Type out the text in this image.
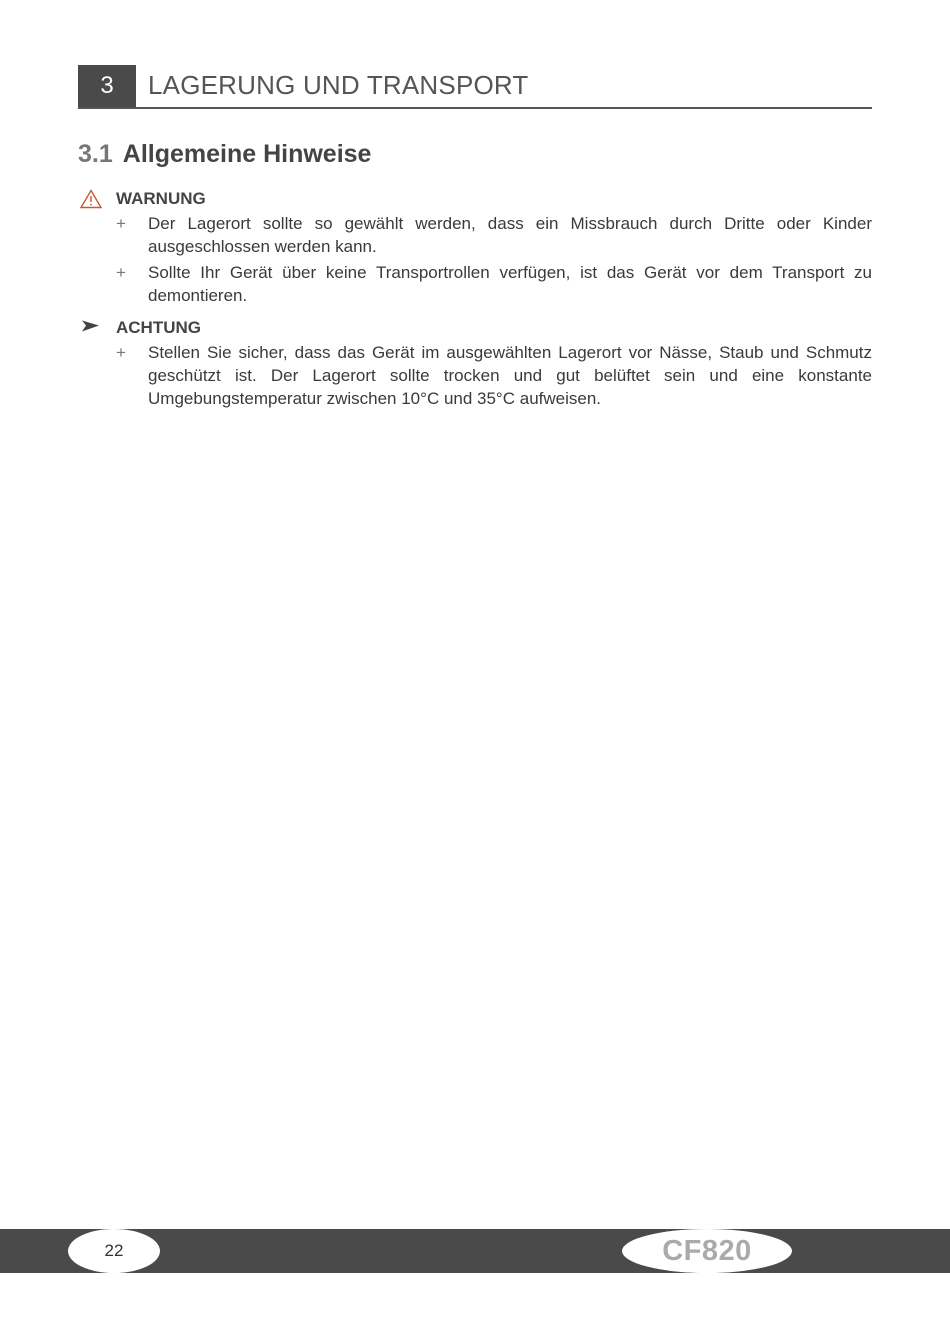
3	LAGERUNG UND TRANSPORT
3.1 Allgemeine Hinweise
WARNUNG
+ Der Lagerort sollte so gewählt werden, dass ein Missbrauch durch Dritte oder Kinder ausgeschlossen werden kann.
+ Sollte Ihr Gerät über keine Transportrollen verfügen, ist das Gerät vor dem Transport zu demontieren.
ACHTUNG
+ Stellen Sie sicher, dass das Gerät im ausgewählten Lagerort vor Nässe, Staub und Schmutz geschützt ist. Der Lagerort sollte trocken und gut belüftet sein und eine konstante Umgebungstemperatur zwischen 10°C und 35°C aufweisen.
22	CF820
